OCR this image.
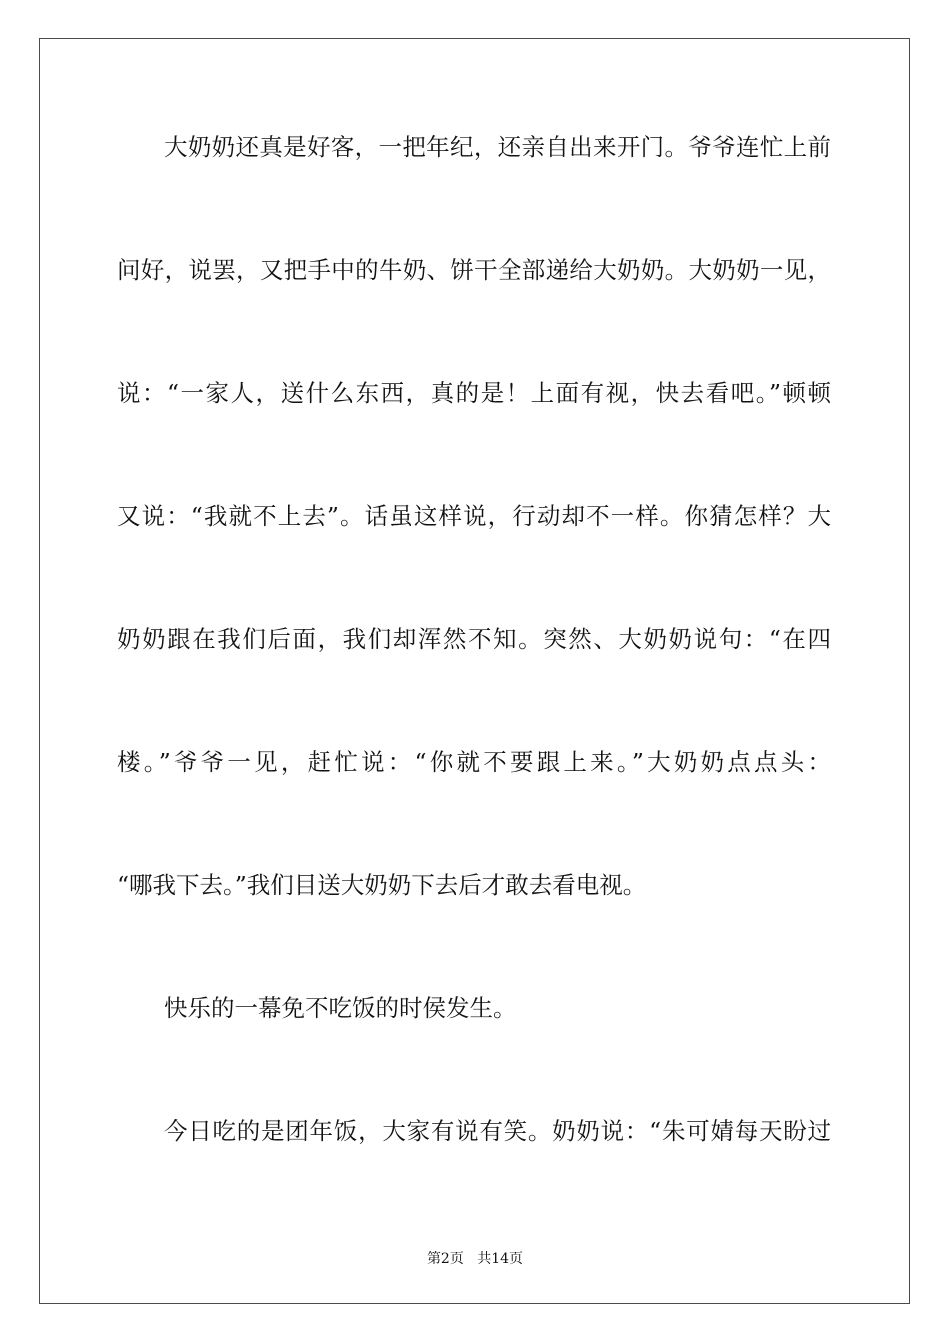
大奶奶还真是好客，一把年纪，还亲自出来开门。爷爷连忙上前
问好，说罢，又把手中的牛奶、饼干全部递给大奶奶。大奶奶一见，
说：“一家人，送什么东西，真的是！上面有视，快去看吧。”顿顿
又说：“我就不上去”。话虽这样说，行动却不一样。你猜怎样？大
奶奶跟在我们后面，我们却浑然不知。突然、大奶奶说句：“在四
楼。”爷爷一见，赶忙说：“你就不要跟上来。”大奶奶点点头：
“哪我下去。”我们目送大奶奶下去后才敢去看电视。
快乐的一幕免不吃饭的时侯发生。
今日吃的是团年饭，大家有说有笑。奶奶说：“朱可婧每天盼过
第2页 共14页
